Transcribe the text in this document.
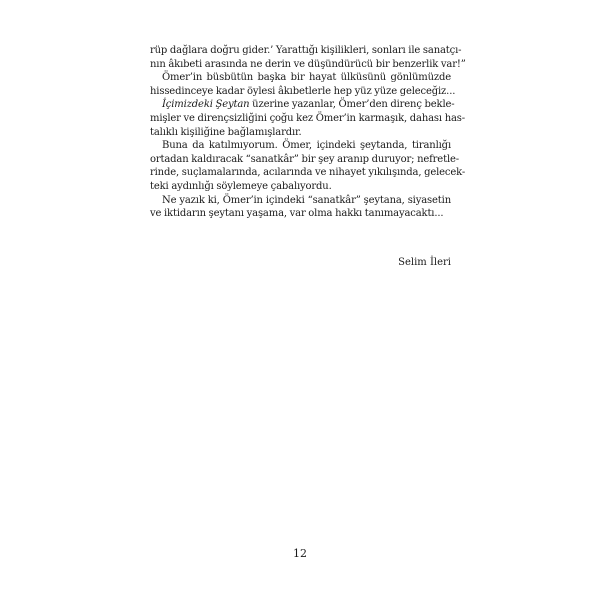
rüp dağlara doğru gider.’ Yarattığı kişilikleri, sonları ile sanatçı-
nın âkıbeti arasında ne derin ve düşündürücü bir benzerlik var!”

Ömer’in büsbütün başka bir hayat ülküsünü gönlümüzde
hissedinceye kadar öylesi âkıbetlerle hep yüz yüze geleceğiz...

İçimizdeki Şeytan üzerine yazanlar, Ömer’den direnç bekle-
mişler ve dirençsizliğini çoğu kez Ömer’in karmaşık, dahası has-
talıklı kişiliğine bağlamışlardır.

Buna da katılmıyorum. Ömer, içindeki şeytanda, tiranlığı
ortadan kaldıracak “sanatkâr” bir şey aranıp duruyor; nefretle-
rinde, suçlamalarında, acılarında ve nihayet yıkılışında, gelecek-
teki aydınlığı söylemeye çabalıyordu.

Ne yazık ki, Ömer’in içindeki “sanatkâr” şeytana, siyasetin
ve iktidarın şeytanı yaşama, var olma hakkı tanımayacaktı...

Selim İleri
12
